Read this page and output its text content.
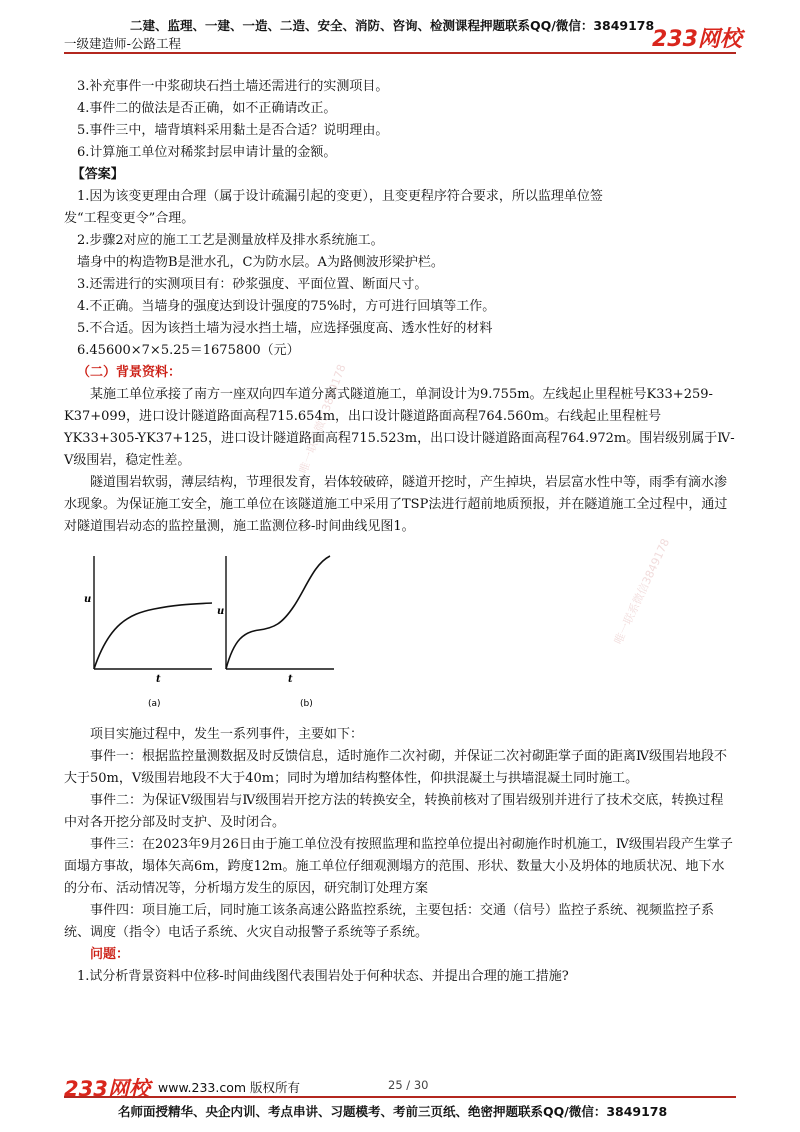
二建、监理、一建、一造、二造、安全、消防、咨询、检测课程押题联系QQ/微信：3849178
一级建造师-公路工程	233网校
唯一联系微信3849178
唯一联系微信3849178

3.补充事件一中浆砌块石挡土墙还需进行的实测项目。

4.事件二的做法是否正确，如不正确请改正。

5.事件三中，墙背填料采用黏土是否合适？说明理由。

6.计算施工单位对稀浆封层申请计量的金额。

【答案】

1.因为该变更理由合理（属于设计疏漏引起的变更），且变更程序符合要求，所以监理单位签

发“工程变更令”合理。

2.步骤2对应的施工工艺是测量放样及排水系统施工。

墙身中的构造物B是泄水孔，C为防水层。A为路侧波形梁护栏。

3.还需进行的实测项目有：砂浆强度、平面位置、断面尺寸。

4.不正确。当墙身的强度达到设计强度的75%时，方可进行回填等工作。

5.不合适。因为该挡土墙为浸水挡土墙，应选择强度高、透水性好的材料

6.45600×7×5.25＝1675800（元）

（二）背景资料：

某施工单位承接了南方一座双向四车道分离式隧道施工，单洞设计为9.755m。左线起止里程桩号K33+259-K37+099，进口设计隧道路面高程715.654m，出口设计隧道路面高程764.560m。右线起止里程桩号YK33+305-YK37+125，进口设计隧道路面高程715.523m，出口设计隧道路面高程764.972m。围岩级别属于Ⅳ-Ⅴ级围岩，稳定性差。

隧道围岩软弱，薄层结构，节理很发育，岩体较破碎，隧道开挖时，产生掉块，岩层富水性中等，雨季有滴水渗水现象。为保证施工安全，施工单位在该隧道施工中采用了TSP法进行超前地质预报，并在隧道施工全过程中，通过对隧道围岩动态的监控量测，施工监测位移-时间曲线见图1。

u
t
(a)
u
t
(b)

项目实施过程中，发生一系列事件，主要如下：

事件一：根据监控量测数据及时反馈信息，适时施作二次衬砌，并保证二次衬砌距掌子面的距离Ⅳ级围岩地段不大于50m，Ⅴ级围岩地段不大于40m；同时为增加结构整体性，仰拱混凝土与拱墙混凝土同时施工。

事件二：为保证Ⅴ级围岩与Ⅳ级围岩开挖方法的转换安全，转换前核对了围岩级别并进行了技术交底，转换过程中对各开挖分部及时支护、及时闭合。

事件三：在2023年9月26日由于施工单位没有按照监理和监控单位提出衬砌施作时机施工，Ⅳ级围岩段产生掌子面塌方事故，塌体矢高6m，跨度12m。施工单位仔细观测塌方的范围、形状、数量大小及坍体的地质状况、地下水的分布、活动情况等，分析塌方发生的原因，研究制订处理方案

事件四：项目施工后，同时施工该条高速公路监控系统，主要包括：交通（信号）监控子系统、视频监控子系统、调度（指令）电话子系统、火灾自动报警子系统等子系统。

问题：

1.试分析背景资料中位移-时间曲线图代表围岩处于何种状态、并提出合理的施工措施?

233网校 www.233.com 版权所有	25 / 30
名师面授精华、央企内训、考点串讲、习题模考、考前三页纸、绝密押题联系QQ/微信：3849178
